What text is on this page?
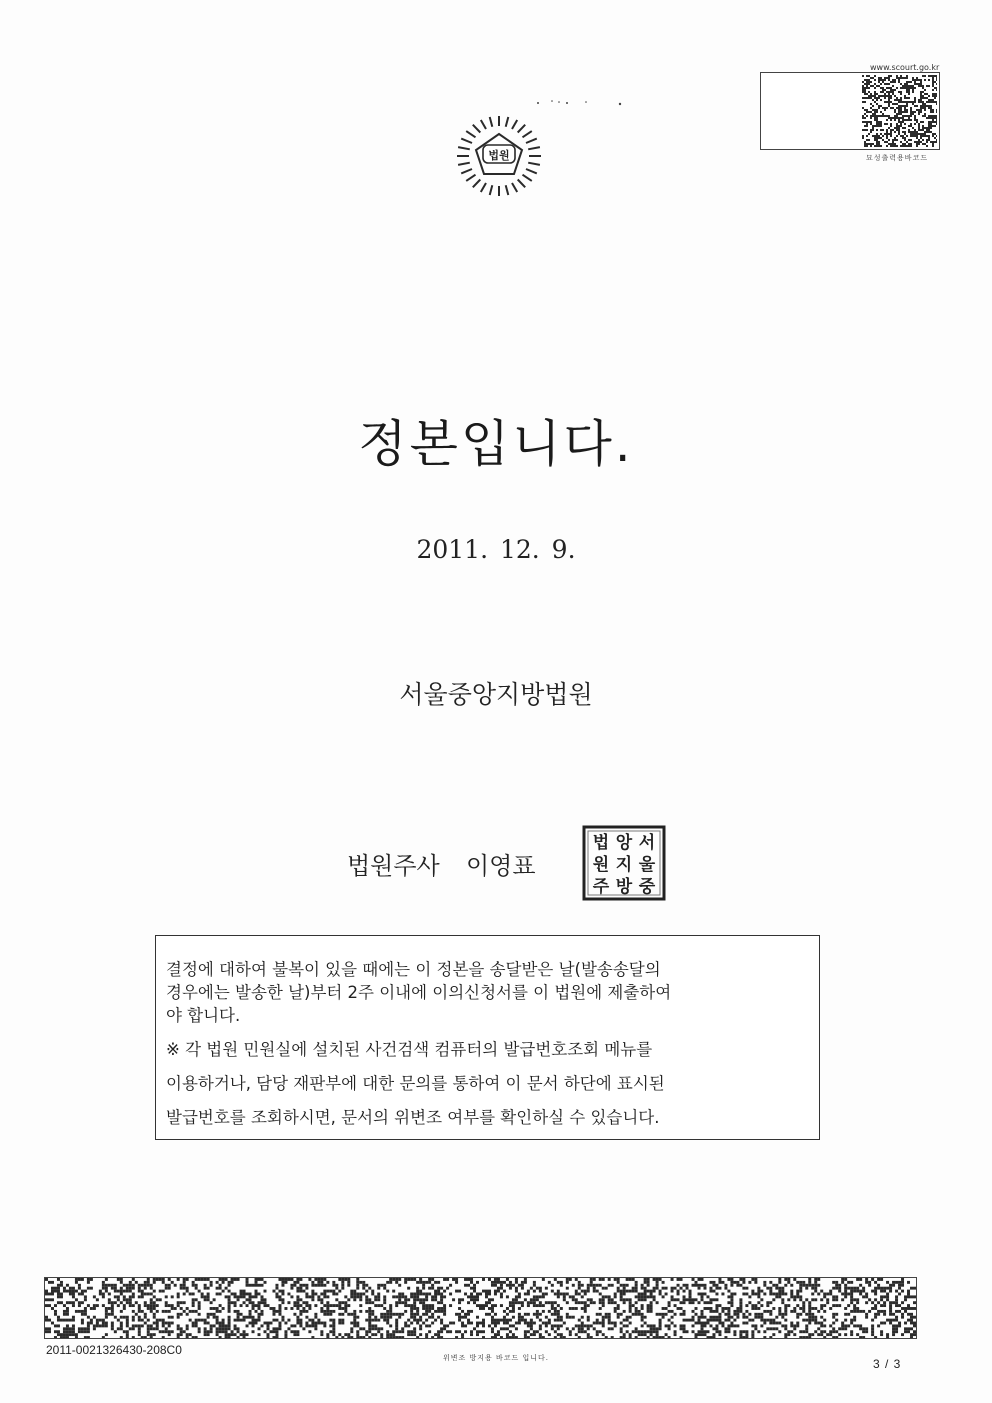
www.scourt.go.kr
묘성출력용바코드
법원
정본입니다.
2011. 12. 9.
서울중앙지방법원
법원주사 이영표
서
울
중
앙
지
방
법
원
주
결정에 대하여 불복이 있을 때에는 이 정본을 송달받은 날(발송송달의
경우에는 발송한 날)부터 2주 이내에 이의신청서를 이 법원에 제출하여
야 합니다.
※ 각 법원 민원실에 설치된 사건검색 컴퓨터의 발급번호조회 메뉴를
이용하거나, 담당 재판부에 대한 문의를 통하여 이 문서 하단에 표시된
발급번호를 조회하시면, 문서의 위변조 여부를 확인하실 수 있습니다.
2011-0021326430-208C0
위변조 방지용 바코드 입니다.	3 / 3
